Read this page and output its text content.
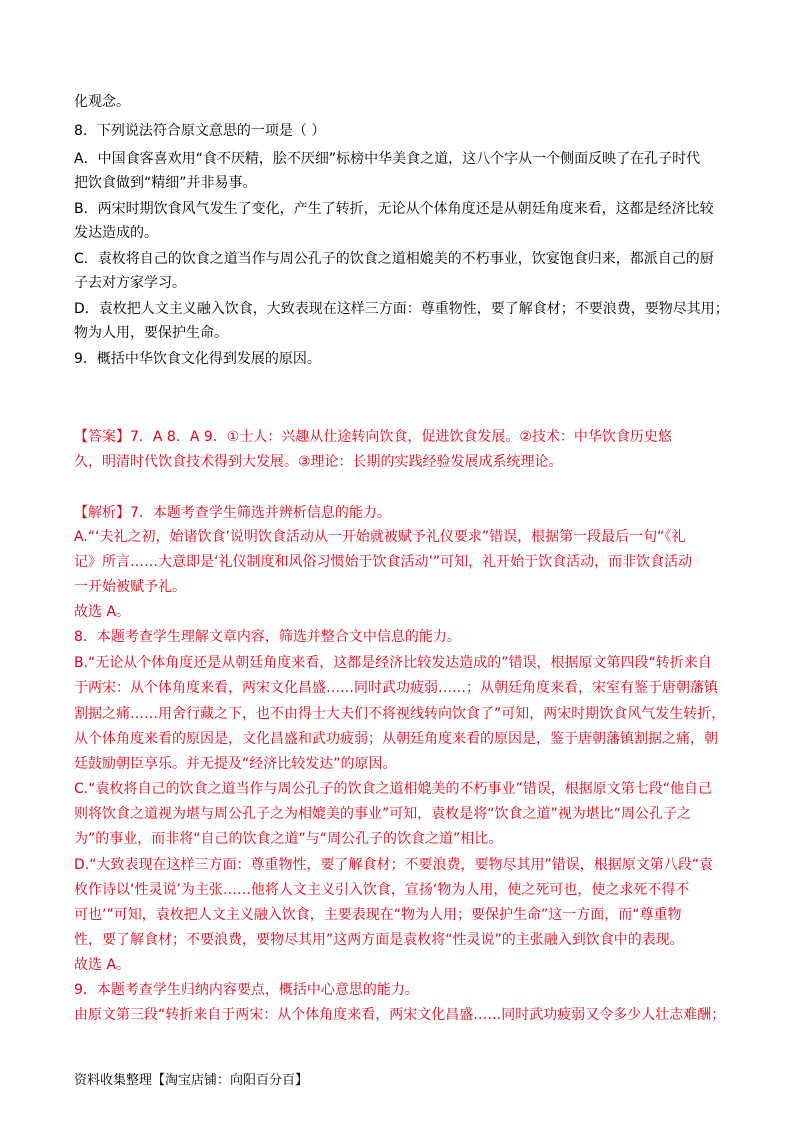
化观念。
8．下列说法符合原文意思的一项是（ ）
A．中国食客喜欢用“食不厌精，脍不厌细”标榜中华美食之道，这八个字从一个侧面反映了在孔子时代
把饮食做到“精细”并非易事。
B．两宋时期饮食风气发生了变化，产生了转折，无论从个体角度还是从朝廷角度来看，这都是经济比较
发达造成的。
C．袁枚将自己的饮食之道当作与周公孔子的饮食之道相媲美的不朽事业，饮宴饱食归来，都派自己的厨
子去对方家学习。
D．袁枚把人文主义融入饮食，大致表现在这样三方面：尊重物性，要了解食材；不要浪费，要物尽其用；
物为人用，要保护生命。
9．概括中华饮食文化得到发展的原因。
【答案】7．A 8．A 9．①士人：兴趣从仕途转向饮食，促进饮食发展。②技术：中华饮食历史悠
久，明清时代饮食技术得到大发展。③理论：长期的实践经验发展成系统理论。
【解析】7．本题考查学生筛选并辨析信息的能力。
A.“‘夫礼之初，始诸饮食’说明饮食活动从一开始就被赋予礼仪要求”错误，根据第一段最后一句“《礼
记》所言……大意即是‘礼仪制度和风俗习惯始于饮食活动’”可知，礼开始于饮食活动，而非饮食活动
一开始被赋予礼。
故选 A。
8．本题考查学生理解文章内容，筛选并整合文中信息的能力。
B.“无论从个体角度还是从朝廷角度来看，这都是经济比较发达造成的”错误，根据原文第四段“转折来自
于两宋：从个体角度来看，两宋文化昌盛……同时武功疲弱……；从朝廷角度来看，宋室有鉴于唐朝藩镇
割据之痛……用舍行藏之下，也不由得士大夫们不将视线转向饮食了”可知，两宋时期饮食风气发生转折，
从个体角度来看的原因是，文化昌盛和武功疲弱；从朝廷角度来看的原因是，鉴于唐朝藩镇割据之痛，朝
廷鼓励朝臣享乐。并无提及“经济比较发达”的原因。
C.“袁枚将自己的饮食之道当作与周公孔子的饮食之道相媲美的不朽事业”错误，根据原文第七段“他自己
则将饮食之道视为堪与周公孔子之为相媲美的事业”可知，袁枚是将“饮食之道”视为堪比“周公孔子之
为”的事业，而非将“自己的饮食之道”与“周公孔子的饮食之道”相比。
D.“大致表现在这样三方面：尊重物性，要了解食材；不要浪费，要物尽其用”错误，根据原文第八段“袁
枚作诗以‘性灵说’为主张……他将人文主义引入饮食，宣扬‘物为人用，使之死可也，使之求死不得不
可也’”可知，袁枚把人文主义融入饮食，主要表现在“物为人用；要保护生命”这一方面，而“尊重物
性，要了解食材；不要浪费，要物尽其用”这两方面是袁枚将“性灵说”的主张融入到饮食中的表现。
故选 A。
9．本题考查学生归纳内容要点，概括中心意思的能力。
由原文第三段“转折来自于两宋：从个体角度来看，两宋文化昌盛……同时武功疲弱又令多少人壮志难酬；
资料收集整理【淘宝店铺：向阳百分百】
